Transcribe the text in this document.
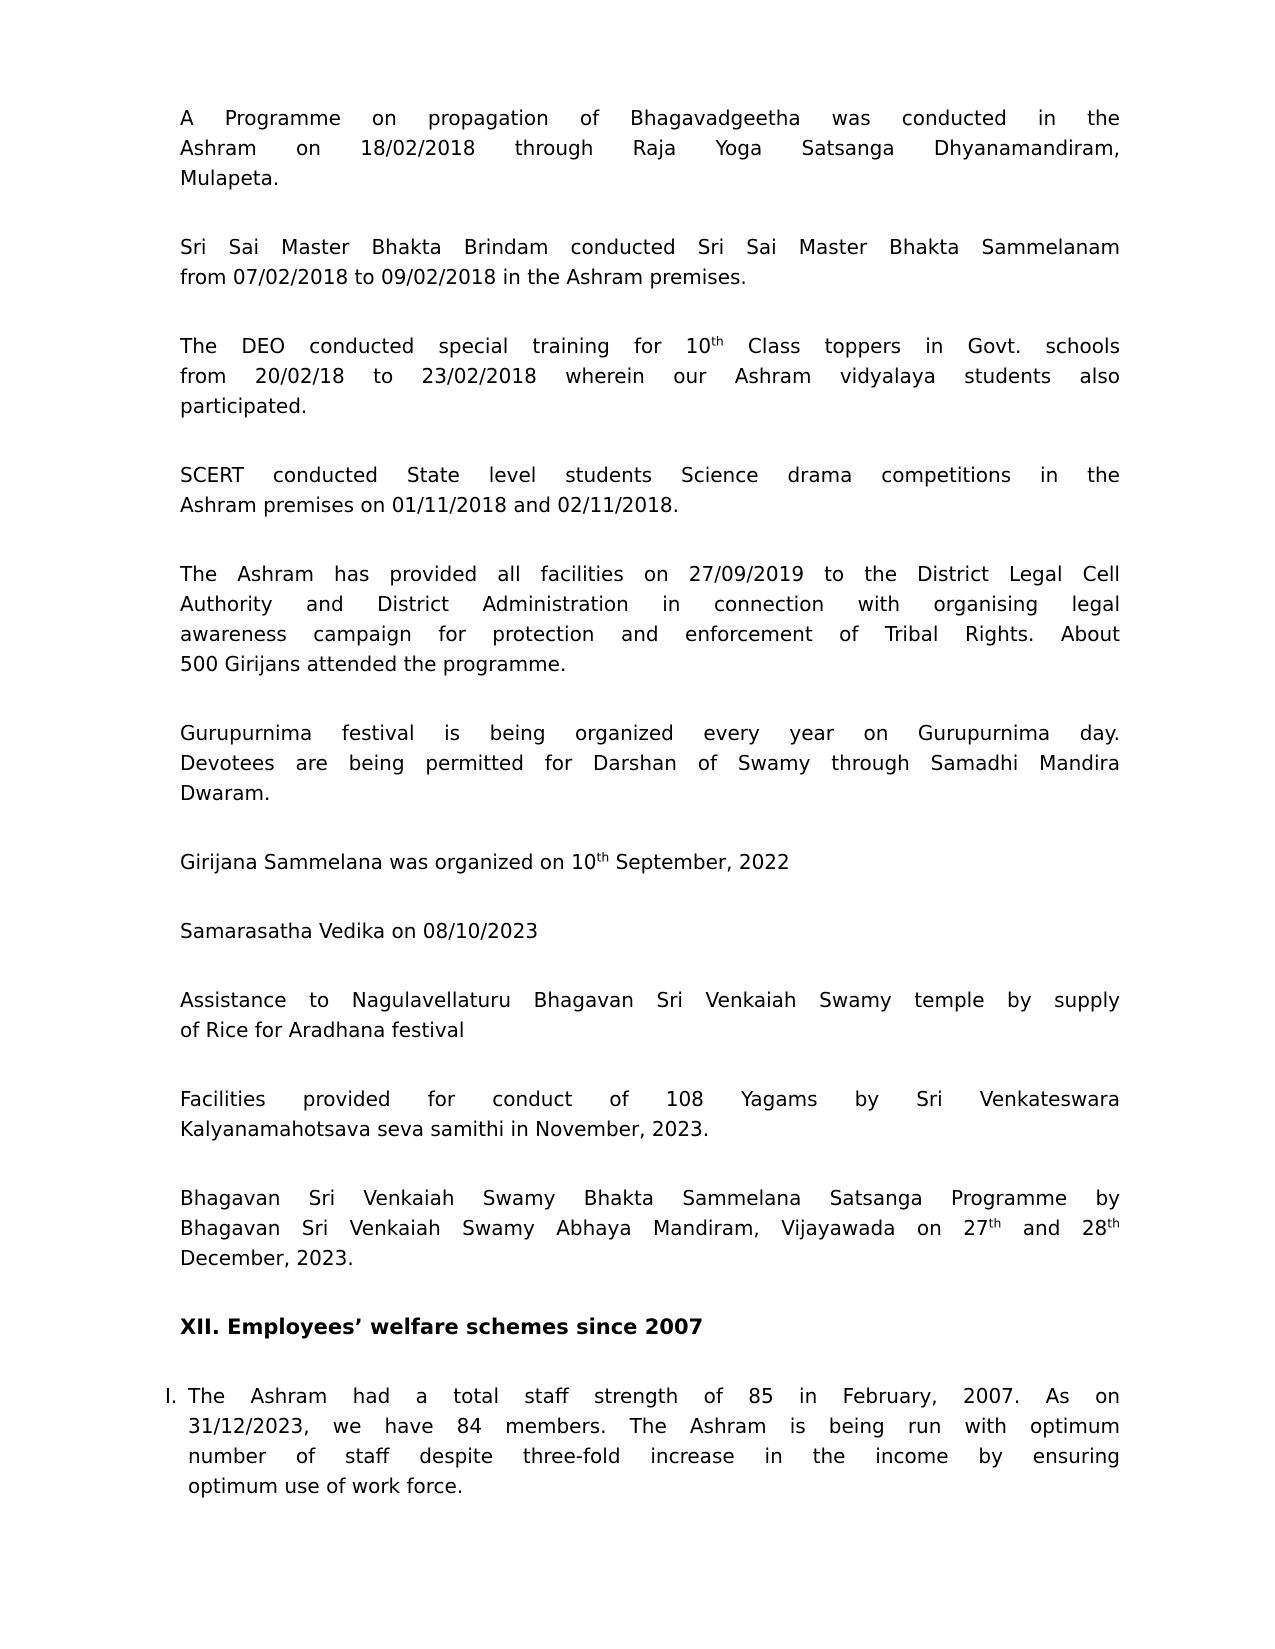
A Programme on propagation of Bhagavadgeetha was conducted in the
Ashram on 18/02/2018 through Raja Yoga Satsanga Dhyanamandiram,
Mulapeta.
Sri Sai Master Bhakta Brindam conducted Sri Sai Master Bhakta Sammelanam
from 07/02/2018 to 09/02/2018 in the Ashram premises.
The DEO conducted special training for 10th Class toppers in Govt. schools
from 20/02/18 to 23/02/2018 wherein our Ashram vidyalaya students also
participated.
SCERT conducted State level students Science drama competitions in the
Ashram premises on 01/11/2018 and 02/11/2018.
The Ashram has provided all facilities on 27/09/2019 to the District Legal Cell
Authority and District Administration in connection with organising legal
awareness campaign for protection and enforcement of Tribal Rights. About
500 Girijans attended the programme.
Gurupurnima festival is being organized every year on Gurupurnima day.
Devotees are being permitted for Darshan of Swamy through Samadhi Mandira
Dwaram.
Girijana Sammelana was organized on 10th September, 2022
Samarasatha Vedika on 08/10/2023
Assistance to Nagulavellaturu Bhagavan Sri Venkaiah Swamy temple by supply
of Rice for Aradhana festival
Facilities provided for conduct of 108 Yagams by Sri Venkateswara
Kalyanamahotsava seva samithi in November, 2023.
Bhagavan Sri Venkaiah Swamy Bhakta Sammelana Satsanga Programme by
Bhagavan Sri Venkaiah Swamy Abhaya Mandiram, Vijayawada on 27th and 28th
December, 2023.
XII. Employees’ welfare schemes since 2007
I. The Ashram had a total staff strength of 85 in February, 2007. As on
31/12/2023, we have 84 members. The Ashram is being run with optimum
number of staff despite three-fold increase in the income by ensuring
optimum use of work force.
